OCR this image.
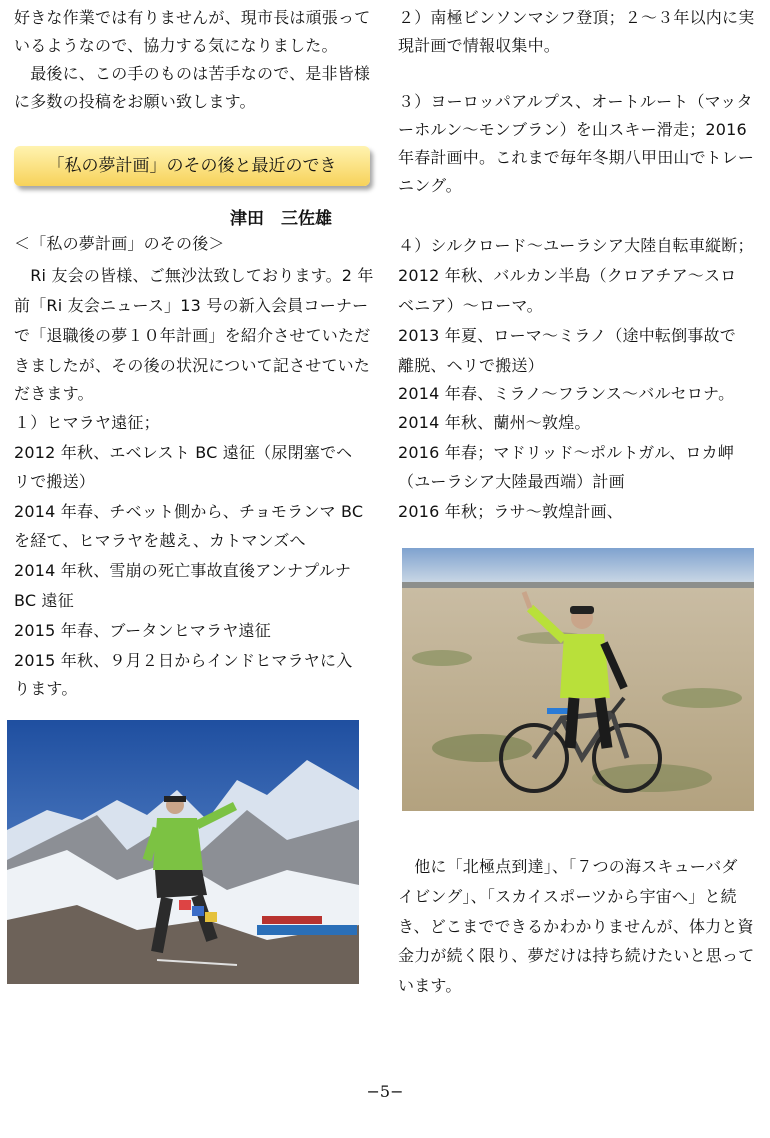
好きな作業では有りませんが、現市長は頑張って
いるようなので、協力する気になりました。
　最後に、この手のものは苦手なので、是非皆様
に多数の投稿をお願い致します。
「私の夢計画」のその後と最近のでき
津田　三佐雄
＜「私の夢計画」のその後＞
　Ri 友会の皆様、ご無沙汰致しております。2 年
前「Ri 友会ニュース」13 号の新入会員コーナー
で「退職後の夢１０年計画」を紹介させていただ
きましたが、その後の状況について記させていた
だきます。
１）ヒマラヤ遠征；
2012 年秋、エベレスト BC 遠征（尿閉塞でヘ
リで搬送）
2014 年春、チベット側から、チョモランマ BC
を経て、ヒマラヤを越え、カトマンズへ
2014 年秋、雪崩の死亡事故直後アンナプルナ
BC 遠征
2015 年春、ブータンヒマラヤ遠征
2015 年秋、９月２日からインドヒマラヤに入
ります。
２）南極ビンソンマシフ登頂；２～３年以内に実
現計画で情報収集中。
３）ヨーロッパアルプス、オートルート（マッタ
ーホルン～モンブラン）を山スキー滑走；2016
年春計画中。これまで毎年冬期八甲田山でトレー
ニング。
４）シルクロード～ユーラシア大陸自転車縦断；
2012 年秋、バルカン半島（クロアチア～スロ
ベニア）～ローマ。
2013 年夏、ローマ～ミラノ（途中転倒事故で
離脱、ヘリで搬送）
2014 年春、ミラノ～フランス～バルセロナ。
2014 年秋、蘭州～敦煌。
2016 年春；マドリッド～ポルトガル、ロカ岬
（ユーラシア大陸最西端）計画
2016 年秋；ラサ～敦煌計画、
　他に「北極点到達」、「７つの海スキューバダ
イビング」、「スカイスポーツから宇宙へ」と続
き、どこまでできるかわかりませんが、体力と資
金力が続く限り、夢だけは持ち続けたいと思って
います。
−5−
